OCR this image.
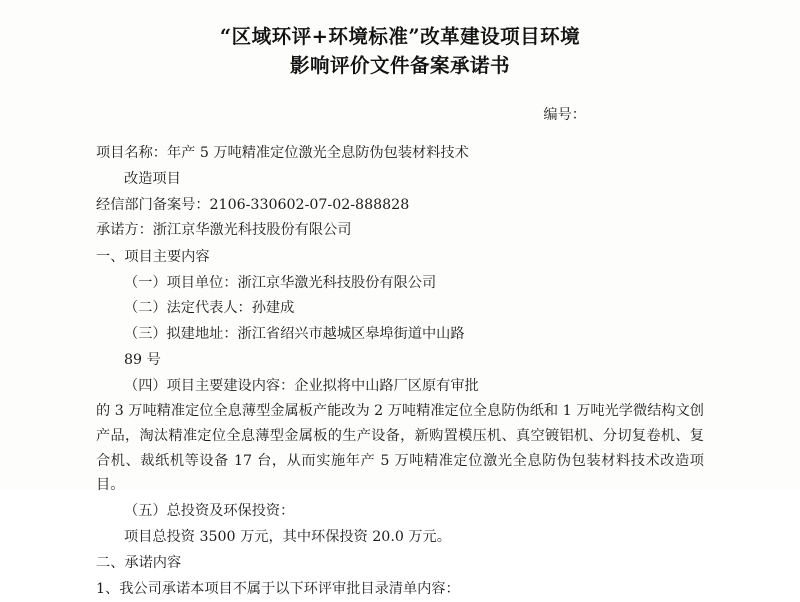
“区域环评+环境标准”改革建设项目环境
影响评价文件备案承诺书
编号：
项目名称：年产 5 万吨精准定位激光全息防伪包装材料技术
改造项目
经信部门备案号：2106-330602-07-02-888828
承诺方：浙江京华激光科技股份有限公司
一、项目主要内容
（一）项目单位：浙江京华激光科技股份有限公司
（二）法定代表人：孙建成
（三）拟建地址：浙江省绍兴市越城区皋埠街道中山路
89 号
（四）项目主要建设内容：企业拟将中山路厂区原有审批
的 3 万吨精准定位全息薄型金属板产能改为 2 万吨精准定位全息防伪纸和 1 万吨光学微结构文创产品，淘汰精准定位全息薄型金属板的生产设备，新购置模压机、真空镀铝机、分切复卷机、复合机、裁纸机等设备 17 台，从而实施年产 5 万吨精准定位激光全息防伪包装材料技术改造项目。
（五）总投资及环保投资：
项目总投资 3500 万元，其中环保投资 20.0 万元。
二、承诺内容
1、我公司承诺本项目不属于以下环评审批目录清单内容：
